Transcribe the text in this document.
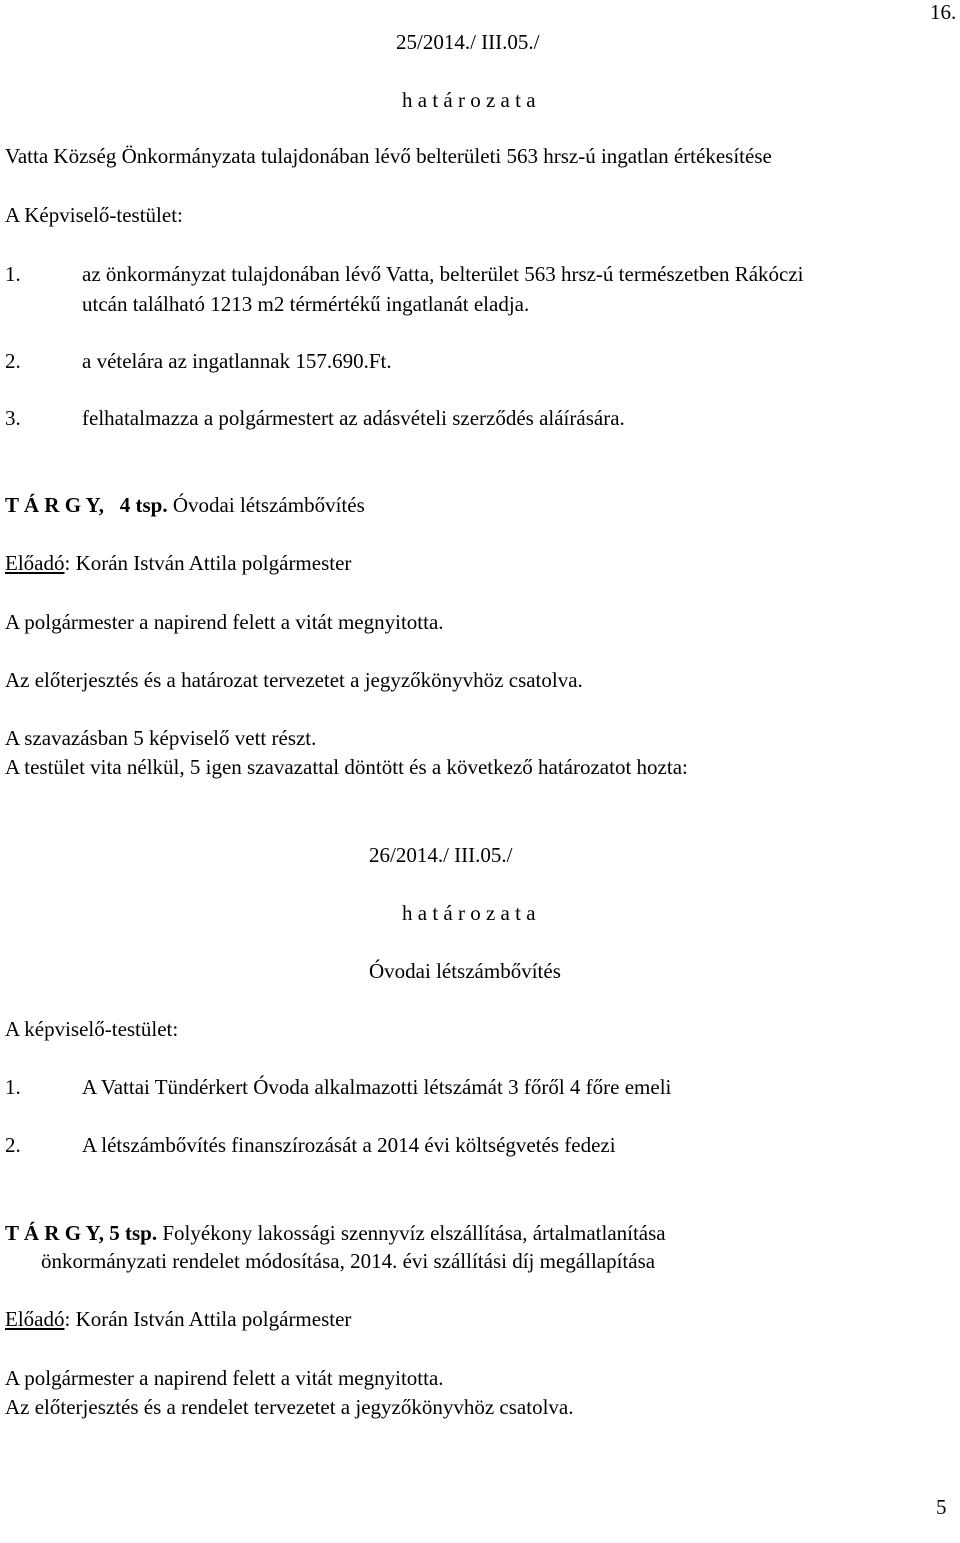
16.
25/2014./ III.05./
h a t á r o z a t a
Vatta Község Önkormányzata tulajdonában lévő belterületi 563 hrsz-ú ingatlan értékesítése
A Képviselő-testület:
1.	az önkormányzat tulajdonában lévő Vatta, belterület 563 hrsz-ú természetben Rákóczi
utcán található 1213 m2 térmértékű ingatlanát eladja.
2.	a vételára az ingatlannak 157.690.Ft.
3.	felhatalmazza a polgármestert az adásvételi szerződés aláírására.
T Á R G Y, 4 tsp. Óvodai létszámbővítés
Előadó: Korán István Attila polgármester
A polgármester a napirend felett a vitát megnyitotta.
Az előterjesztés és a határozat tervezetet a jegyzőkönyvhöz csatolva.
A szavazásban 5 képviselő vett részt.
A testület vita nélkül, 5 igen szavazattal döntött és a következő határozatot hozta:
26/2014./ III.05./
h a t á r o z a t a
Óvodai létszámbővítés
A képviselő-testület:
1.	A Vattai Tündérkert Óvoda alkalmazotti létszámát 3 főről 4 főre emeli
2.	A létszámbővítés finanszírozását a 2014 évi költségvetés fedezi
T Á R G Y, 5 tsp. Folyékony lakossági szennyvíz elszállítása, ártalmatlanítása
önkormányzati rendelet módosítása, 2014. évi szállítási díj megállapítása
Előadó: Korán István Attila polgármester
A polgármester a napirend felett a vitát megnyitotta.
Az előterjesztés és a rendelet tervezetet a jegyzőkönyvhöz csatolva.
5
